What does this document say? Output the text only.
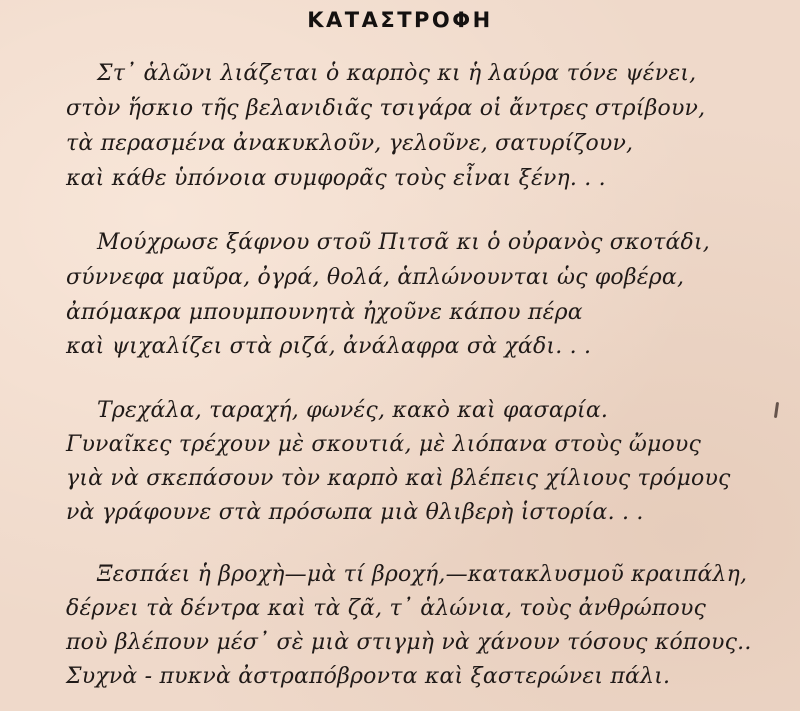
ΚΑΤΑΣΤΡΟΦΗ
Στ᾽ ἁλῶνι λιάζεται ὁ καρπὸς κι ἡ λαύρα τόνε ψένει,
στὸν ἥσκιο τῆς βελανιδιᾶς τσιγάρα οἱ ἄντρες στρίβουν,
τὰ περασμένα ἀνακυκλοῦν, γελοῦνε, σατυρίζουν,
καὶ κάθε ὑπόνοια συμφορᾶς τοὺς εἶναι ξένη. . .
Μούχρωσε ξάφνου στοῦ Πιτσᾶ κι ὁ οὐρανὸς σκοτάδι,
σύννεφα μαῦρα, ὀγρά, θολά, ἁπλώνουνται ὡς φοβέρα,
ἀπόμακρα μπουμπουνητὰ ἠχοῦνε κάπου πέρα
καὶ ψιχαλίζει στὰ ριζά, ἀνάλαφρα σὰ χάδι. . .
Τρεχάλα, ταραχή, φωνές, κακὸ καὶ φασαρία.
Γυναῖκες τρέχουν μὲ σκουτιά, μὲ λιόπανα στοὺς ὤμους
γιὰ νὰ σκεπάσουν τὸν καρπὸ καὶ βλέπεις χίλιους τρόμους
νὰ γράφουνε στὰ πρόσωπα μιὰ θλιβερὴ ἱστορία. . .
Ξεσπάει ἡ βροχὴ—μὰ τί βροχή,—κατακλυσμοῦ κραιπάλη,
δέρνει τὰ δέντρα καὶ τὰ ζᾶ, τ᾽ ἁλώνια, τοὺς ἀνθρώπους
ποὺ βλέπουν μέσ᾽ σὲ μιὰ στιγμὴ νὰ χάνουν τόσους κόπους..
Συχνὰ - πυκνὰ ἀστραπόβροντα καὶ ξαστερώνει πάλι.
